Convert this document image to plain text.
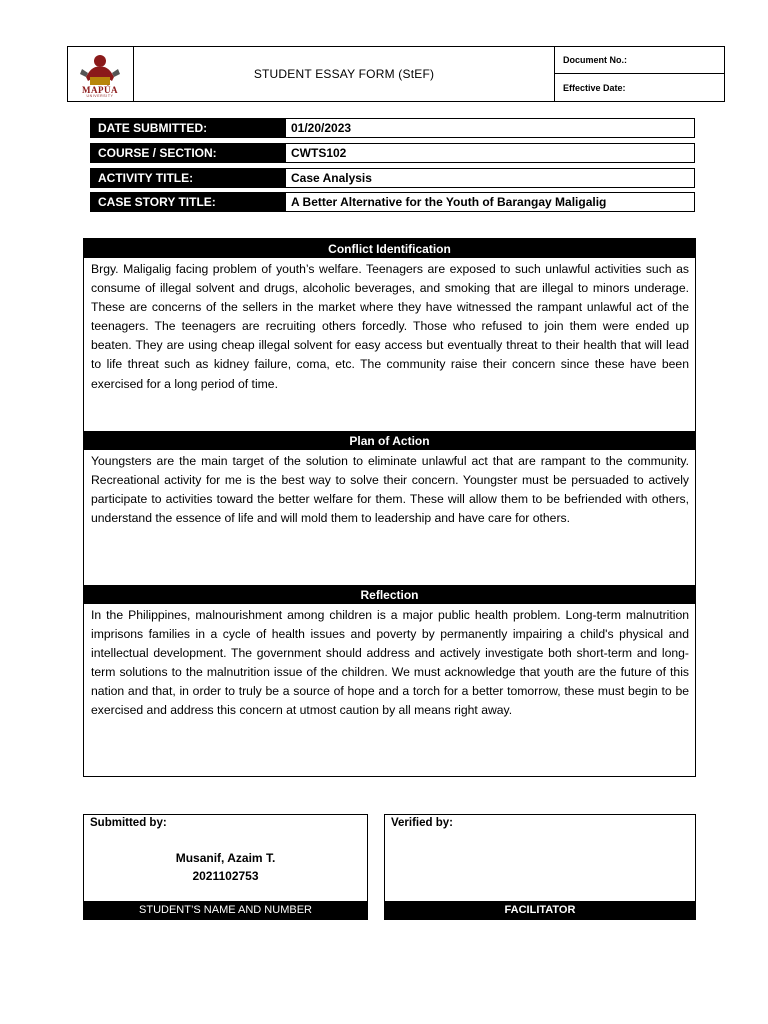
MAPÚA
UNIVERSITY
STUDENT ESSAY FORM (StEF)
Document No.:
Effective Date:
DATE SUBMITTED:	01/20/2023
COURSE / SECTION:	CWTS102
ACTIVITY TITLE:	Case Analysis
CASE STORY TITLE:	A Better Alternative for the Youth of Barangay Maligalig
Conflict Identification
Brgy. Maligalig facing problem of youth’s welfare. Teenagers are exposed to such unlawful activities such as consume of illegal solvent and drugs, alcoholic beverages, and smoking that are illegal to minors underage. These are concerns of the sellers in the market where they have witnessed the rampant unlawful act of the teenagers. The teenagers are recruiting others forcedly. Those who refused to join them were ended up beaten. They are using cheap illegal solvent for easy access but eventually threat to their health that will lead to life threat such as kidney failure, coma, etc. The community raise their concern since these have been exercised for a long period of time.
Plan of Action
Youngsters are the main target of the solution to eliminate unlawful act that are rampant to the community. Recreational activity for me is the best way to solve their concern. Youngster must be persuaded to actively participate to activities toward the better welfare for them. These will allow them to be befriended with others, understand the essence of life and will mold them to leadership and have care for others.
Reflection
In the Philippines, malnourishment among children is a major public health problem. Long-term malnutrition imprisons families in a cycle of health issues and poverty by permanently impairing a child's physical and intellectual development. The government should address and actively investigate both short-term and long-term solutions to the malnutrition issue of the children. We must acknowledge that youth are the future of this nation and that, in order to truly be a source of hope and a torch for a better tomorrow, these must begin to be exercised and address this concern at utmost caution by all means right away.
Submitted by:
Musanif, Azaim T.
2021102753
STUDENT’S NAME AND NUMBER
Verified by:
FACILITATOR
